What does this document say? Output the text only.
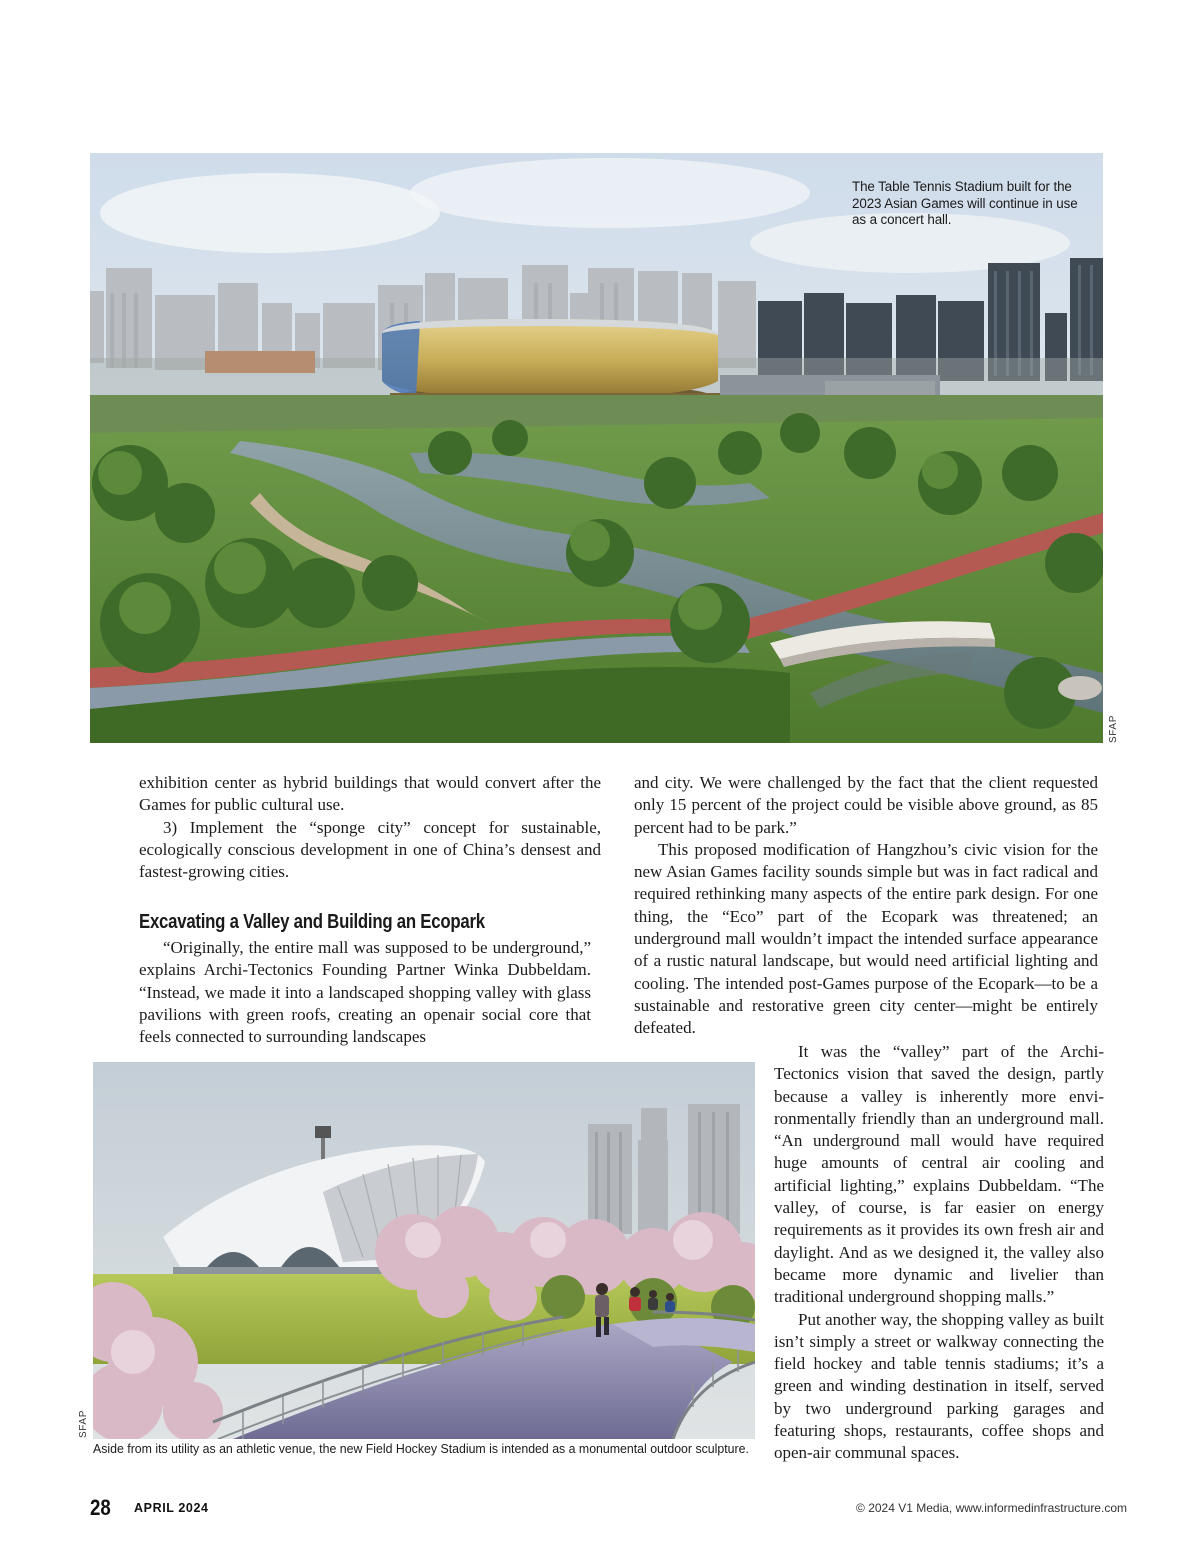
The Table Tennis Stadium built for the 2023 Asian Games will continue in use as a concert hall.
SFAP

exhibition center as hybrid buildings that would convert after the Games for public cultural use.

3) Implement the “sponge city” concept for sustainable, ecologically conscious development in one of China’s densest and fastest-growing cities.

Excavating a Valley and Building an Ecopark

“Originally, the entire mall was supposed to be underground,” explains Archi-Tectonics Founding Partner Winka Dubbeldam. “Instead, we made it into a landscaped shopping valley with glass pavilions with green roofs, creating an openair social core that feels connected to surrounding landscapes

and city. We were challenged by the fact that the client requested only 15 percent of the project could be visible above ground, as 85 percent had to be park.”

This proposed modification of Hangzhou’s civic vision for the new Asian Games facility sounds simple but was in fact radical and required rethinking many aspects of the entire park design. For one thing, the “Eco” part of the Ecopark was threatened; an underground mall wouldn’t impact the intended surface appearance of a rustic natural landscape, but would need artificial lighting and cooling. The intended post-Games purpose of the Ecopark—to be a sustainable and restorative green city center—might be entirely defeated.

It was the “valley” part of the Archi-Tectonics vision that saved the design, partly because a valley is inherently more environmentally friendly than an underground mall. “An underground mall would have required huge amounts of central air cooling and artificial lighting,” explains Dubbeldam. “The valley, of course, is far easier on energy requirements as it provides its own fresh air and daylight. And as we designed it, the valley also became more dynamic and livelier than traditional underground shopping malls.”

Put another way, the shopping valley as built isn’t simply a street or walkway connecting the field hockey and table tennis stadiums; it’s a green and winding destination in itself, served by two underground parking garages and featuring shops, restaurants, coffee shops and open-air communal spaces.

SFAP
Aside from its utility as an athletic venue, the new Field Hockey Stadium is intended as a monumental outdoor sculpture.
28 APRIL 2024	© 2024 V1 Media, www.informedinfrastructure.com
